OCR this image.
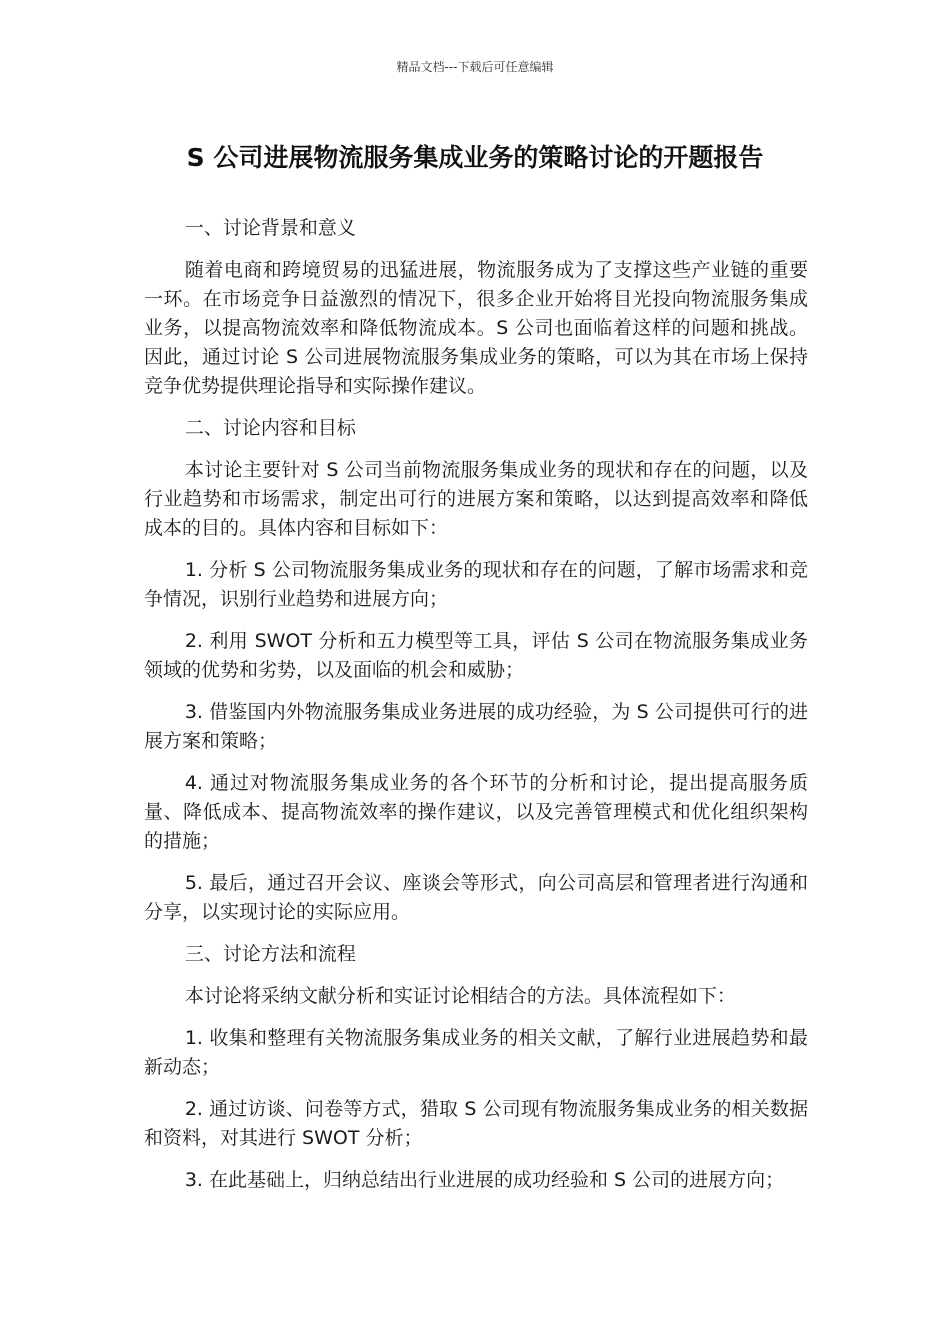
精品文档---下载后可任意编辑
S 公司进展物流服务集成业务的策略讨论的开题报告

一、讨论背景和意义

随着电商和跨境贸易的迅猛进展，物流服务成为了支撑这些产业链的重要一环。在市场竞争日益激烈的情况下，很多企业开始将目光投向物流服务集成业务，以提高物流效率和降低物流成本。S 公司也面临着这样的问题和挑战。因此，通过讨论 S 公司进展物流服务集成业务的策略，可以为其在市场上保持竞争优势提供理论指导和实际操作建议。

二、讨论内容和目标

本讨论主要针对 S 公司当前物流服务集成业务的现状和存在的问题，以及行业趋势和市场需求，制定出可行的进展方案和策略，以达到提高效率和降低成本的目的。具体内容和目标如下：

1. 分析 S 公司物流服务集成业务的现状和存在的问题，了解市场需求和竞争情况，识别行业趋势和进展方向；

2. 利用 SWOT 分析和五力模型等工具，评估 S 公司在物流服务集成业务领域的优势和劣势，以及面临的机会和威胁；

3. 借鉴国内外物流服务集成业务进展的成功经验，为 S 公司提供可行的进展方案和策略；

4. 通过对物流服务集成业务的各个环节的分析和讨论，提出提高服务质量、降低成本、提高物流效率的操作建议，以及完善管理模式和优化组织架构的措施；

5. 最后，通过召开会议、座谈会等形式，向公司高层和管理者进行沟通和分享，以实现讨论的实际应用。

三、讨论方法和流程

本讨论将采纳文献分析和实证讨论相结合的方法。具体流程如下：

1. 收集和整理有关物流服务集成业务的相关文献，了解行业进展趋势和最新动态；

2. 通过访谈、问卷等方式，猎取 S 公司现有物流服务集成业务的相关数据和资料，对其进行 SWOT 分析；

3. 在此基础上，归纳总结出行业进展的成功经验和 S 公司的进展方向；
